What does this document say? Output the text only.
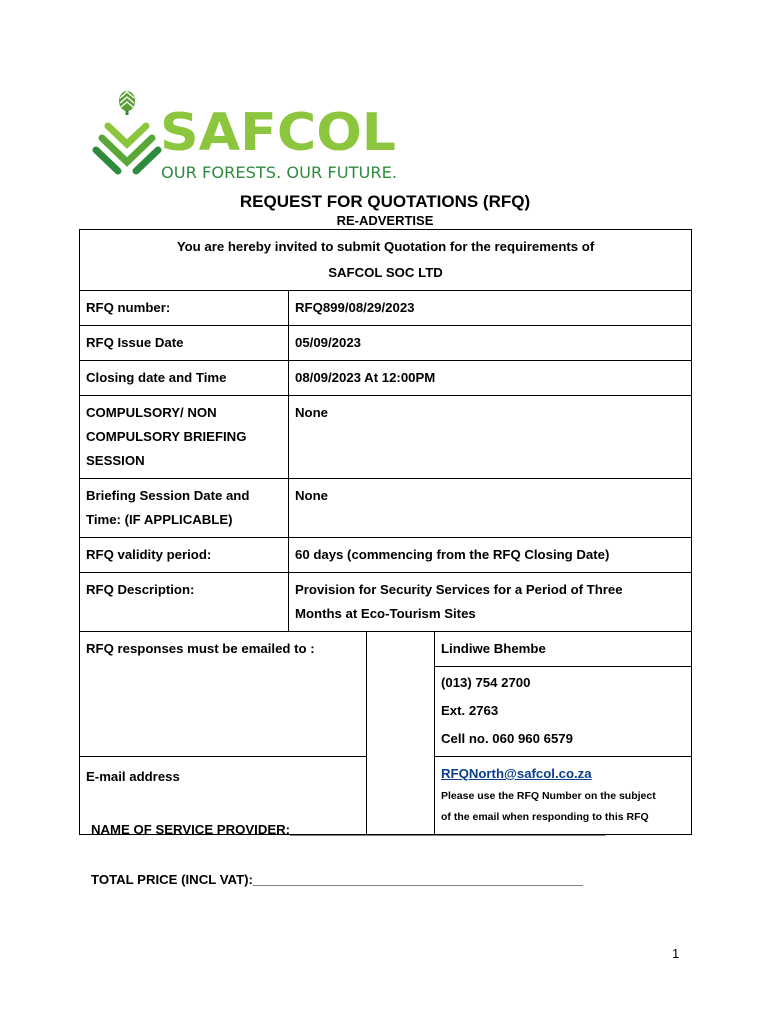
SAFCOL
OUR FORESTS. OUR FUTURE.
REQUEST FOR QUOTATIONS (RFQ)
RE-ADVERTISE
You are hereby invited to submit Quotation for the requirements of
SAFCOL SOC LTD			

RFQ number:	RFQ899/08/29/2023		
RFQ Issue Date	05/09/2023		
Closing date and Time	08/09/2023 At 12:00PM		

COMPULSORY/ NON
COMPULSORY BRIEFING
SESSION	None		

Briefing Session Date and
Time: (IF APPLICABLE)	None		
RFQ validity period:	60 days (commencing from the RFQ Closing Date)		
RFQ Description:	Provision for Security Services for a Period of Three
Months at Eco-Tourism Sites		

RFQ responses must be emailed to :			Lindiwe Bhembe
(013) 754 2700
Ext. 2763
Cell no. 060 960 6579

E-mail address			RFQNorth@safcol.co.za
Please use the RFQ Number on the subject
of the email when responding to this RFQ
NAME OF SERVICE PROVIDER:___________________________________________
TOTAL PRICE (INCL VAT):_____________________________________________
1
